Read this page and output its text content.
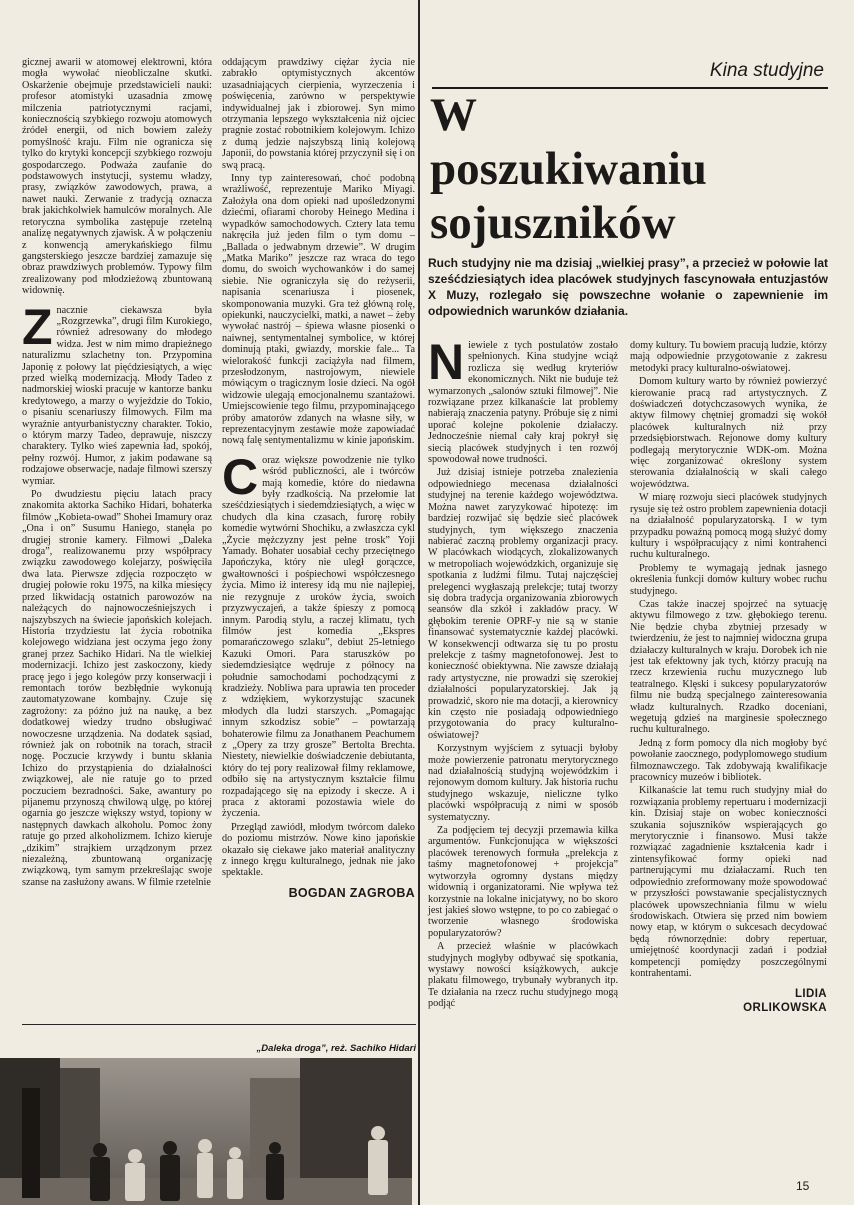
Kina studyjne
W
poszukiwaniu
sojuszników

Ruch studyjny nie ma dzisiaj „wielkiej prasy”, a przecież w połowie lat sześćdziesiątych idea placówek studyjnych fascynowała entuzjastów X Muzy, rozlegało się powszechne wołanie o zapewnienie im odpowiednich warunków działania.

gicznej awarii w atomowej elektrowni, która mogła wywołać nieobliczalne skutki. Oskarżenie obejmuje przedstawicieli nauki: profesor atomistyki uzasadnia zmowę milczenia patriotycznymi racjami, koniecznością szybkiego rozwoju atomowych źródeł energii, od nich bowiem zależy pomyślność kraju. Film nie ogranicza się tylko do krytyki koncepcji szybkiego rozwoju gospodarczego. Podważa zaufanie do podstawowych instytucji, systemu władzy, prasy, związków zawodowych, prawa, a nawet nauki. Zerwanie z tradycją oznacza brak jakichkolwiek hamulców moralnych. Ale retoryczna symbolika zastępuje rzetelną analizę negatywnych zjawisk. A w połączeniu z konwencją amerykańskiego filmu gangsterskiego jeszcze bardziej zamazuje się obraz prawdziwych problemów. Typowy film zrealizowany pod młodzieżową zbuntowaną widownię.

Znacznie ciekawsza była „Rozgrzewka”, drugi film Kurokiego, również adresowany do młodego widza. Jest w nim mimo drapieżnego naturalizmu szlachetny ton. Przypomina Japonię z połowy lat pięćdziesiątych, a więc przed wielką modernizacją. Młody Tadeo z nadmorskiej wioski pracuje w kantorze banku kredytowego, a marzy o wyjeździe do Tokio, o pisaniu scenariuszy filmowych. Film ma wyraźnie antyurbanistyczny charakter. Tokio, o którym marzy Tadeo, deprawuje, niszczy charaktery. Tylko wieś zapewnia ład, spokój, pełny rozwój. Humor, z jakim podawane są rodzajowe obserwacje, nadaje filmowi szerszy wymiar.

Po dwudziestu pięciu latach pracy znakomita aktorka Sachiko Hidari, bohaterka filmów „Kobieta-owad” Shohei Imamury oraz „Ona i on” Susumu Haniego, stanęła po drugiej stronie kamery. Filmowi „Daleka droga”, realizowanemu przy współpracy związku zawodowego kolejarzy, poświęciła dwa lata. Pierwsze zdjęcia rozpoczęto w drugiej połowie roku 1975, na kilka miesięcy przed likwidacją ostatnich parowozów na należących do najnowocześniejszych i najszybszych na świecie japońskich kolejach. Historia trzydziestu lat życia robotnika kolejowego widziana jest oczyma jego żony granej przez Sachiko Hidari. Na tle wielkiej modernizacji. Ichizo jest zaskoczony, kiedy pracę jego i jego kolegów przy konserwacji i remontach torów bezbłędnie wykonują zautomatyzowane kombajny. Czuje się zagrożony: za późno już na naukę, a bez dodatkowej wiedzy trudno obsługiwać nowoczesne urządzenia. Na dodatek sąsiad, również jak on robotnik na torach, stracił nogę. Poczucie krzywdy i buntu skłania Ichizo do przystąpienia do działalności związkowej, ale nie ratuje go to przed poczuciem bezradności. Sake, awantury po pijanemu przynoszą chwilową ulgę, po której ogarnia go jeszcze większy wstyd, topiony w następnych dawkach alkoholu. Pomoc żony ratuje go przed alkoholizmem. Ichizo kieruje „dzikim” strajkiem urządzonym przez niezależną, zbuntowaną organizację związkową, tym samym przekreślając swoje szanse na zasłużony awans. W filmie rzetelnie

oddającym prawdziwy ciężar życia nie zabrakło optymistycznych akcentów uzasadniających cierpienia, wyrzeczenia i poświęcenia, zarówno w perspektywie indywidualnej jak i zbiorowej. Syn mimo otrzymania lepszego wykształcenia niż ojciec pragnie zostać robotnikiem kolejowym. Ichizo z dumą jedzie najszybszą linią kolejową Japonii, do powstania której przyczynił się i on swą pracą.

Inny typ zainteresowań, choć podobną wrażliwość, reprezentuje Mariko Miyagi. Założyła ona dom opieki nad upośledzonymi dziećmi, ofiarami choroby Heinego Medina i wypadków samochodowych. Cztery lata temu nakręciła już jeden film o tym domu – „Ballada o jedwabnym drzewie”. W drugim „Matka Mariko” jeszcze raz wraca do tego domu, do swoich wychowanków i do samej siebie. Nie ograniczyła się do reżyserii, napisania scenariusza i piosenek, skomponowania muzyki. Gra też główną rolę, opiekunki, nauczycielki, matki, a nawet – żeby wywołać nastrój – śpiewa własne piosenki o naiwnej, sentymentalnej symbolice, w której dominują ptaki, gwiazdy, morskie fale... Ta wielorakość funkcji zaciążyła nad filmem, przesłodzonym, nastrojowym, niewiele mówiącym o tragicznym losie dzieci. Na ogół widzowie ulegają emocjonalnemu szantażowi. Umiejscowienie tego filmu, przypominającego próby amatorów zdanych na własne siły, w reprezentacyjnym zestawie może zapowiadać nową falę sentymentalizmu w kinie japońskim.

Coraz większe powodzenie nie tylko wśród publiczności, ale i twórców mają komedie, które do niedawna były rzadkością. Na przełomie lat sześćdziesiątych i siedemdziesiątych, a więc w chudych dla kina czasach, furorę robiły komedie wytwórni Shochiku, a zwłaszcza cykl „Życie mężczyzny jest pełne trosk” Yoji Yamady. Bohater uosabiał cechy przeciętnego Japończyka, który nie uległ gorączce, gwałtowności i pośpiechowi współczesnego życia. Mimo iż interesy idą mu nie najlepiej, nie rezygnuje z uroków życia, swoich przyzwyczajeń, a także śpieszy z pomocą innym. Parodią stylu, a raczej klimatu, tych filmów jest komedia „Ekspres pomarańczowego szlaku”, debiut 25-letniego Kazuki Omori. Para staruszków po siedemdziesiątce wędruje z północy na południe samochodami pochodzącymi z kradzieży. Nobliwa para uprawia ten proceder z wdziękiem, wykorzystując szacunek młodych dla ludzi starszych. „Pomagając innym szkodzisz sobie” – powtarzają bohaterowie filmu za Jonathanem Peachumem z „Opery za trzy grosze” Bertolta Brechta. Niestety, niewielkie doświadczenie debiutanta, który do tej pory realizował filmy reklamowe, odbiło się na artystycznym kształcie filmu rozpadającego się na epizody i skecze. A i praca z aktorami pozostawia wiele do życzenia.

Przegląd zawiódł, młodym twórcom daleko do poziomu mistrzów. Nowe kino japońskie okazało się ciekawe jako materiał analityczny z innego kręgu kulturalnego, jednak nie jako spektakle.

BOGDAN ZAGROBA

„Daleka droga”, reż. Sachiko Hidari

Niewiele z tych postulatów zostało spełnionych. Kina studyjne wciąż rozlicza się według kryteriów ekonomicznych. Nikt nie buduje też wymarzonych „salonów sztuki filmowej”. Nie rozwiązane przez kilkanaście lat problemy nabierają znaczenia patyny. Próbuje się z nimi uporać kolejne pokolenie działaczy. Jednocześnie niemal cały kraj pokrył się siecią placówek studyjnych i ten rozwój spowodował nowe trudności.

Już dzisiaj istnieje potrzeba znalezienia odpowiedniego mecenasa działalności studyjnej na terenie każdego województwa. Można nawet zaryzykować hipotezę: im bardziej rozwijać się będzie sieć placówek studyjnych, tym większego znaczenia nabierać zaczną problemy organizacji pracy. W placówkach wiodących, zlokalizowanych w metropoliach wojewódzkich, organizuje się spotkania z ludźmi filmu. Tutaj najczęściej prelegenci wygłaszają prelekcje; tutaj tworzy się dobra tradycja organizowania zbiorowych seansów dla szkół i zakładów pracy. W głębokim terenie OPRF-y nie są w stanie finansować systematycznie każdej placówki. W konsekwencji odtwarza się tu po prostu prelekcje z taśmy magnetofonowej. Jest to konieczność obiektywna. Nie zawsze działają rady artystyczne, nie prowadzi się szerokiej działalności popularyzatorskiej. Jak ją prowadzić, skoro nie ma dotacji, a kierownicy kin często nie posiadają odpowiedniego przygotowania do pracy kulturalno-oświatowej?

Korzystnym wyjściem z sytuacji byłoby może powierzenie patronatu merytorycznego nad działalnością studyjną wojewódzkim i rejonowym domom kultury. Jak historia ruchu studyjnego wskazuje, nieliczne tylko placówki współpracują z nimi w sposób systematyczny.

Za podjęciem tej decyzji przemawia kilka argumentów. Funkcjonująca w większości placówek terenowych formuła „prelekcja z taśmy magnetofonowej + projekcja” wytworzyła ogromny dystans między widownią i organizatorami. Nie wpływa też korzystnie na lokalne inicjatywy, no bo skoro jest jakieś słowo wstępne, to po co zabiegać o tworzenie własnego środowiska popularyzatorów?

A przecież właśnie w placówkach studyjnych mogłyby odbywać się spotkania, wystawy nowości książkowych, aukcje plakatu filmowego, trybunały wybranych itp. Te działania na rzecz ruchu studyjnego mogą podjąć

domy kultury. Tu bowiem pracują ludzie, którzy mają odpowiednie przygotowanie z zakresu metodyki pracy kulturalno-oświatowej.

Domom kultury warto by również powierzyć kierowanie pracą rad artystycznych. Z doświadczeń dotychczasowych wynika, że aktyw filmowy chętniej gromadzi się wokół placówek kulturalnych niż przy przedsiębiorstwach. Rejonowe domy kultury podlegają merytorycznie WDK-om. Można więc zorganizować określony system sterowania działalnością w skali całego województwa.

W miarę rozwoju sieci placówek studyjnych rysuje się też ostro problem zapewnienia dotacji na działalność popularyzatorską. I w tym przypadku powaźną pomocą mogą służyć domy kultury i współpracujący z nimi kontrahenci ruchu kulturalnego.

Problemy te wymagają jednak jasnego określenia funkcji domów kultury wobec ruchu studyjnego.

Czas także inaczej spojrzeć na sytuację aktywu filmowego z tzw. głębokiego terenu. Nie będzie chyba zbytniej przesady w twierdzeniu, że jest to najmniej widoczna grupa działaczy kulturalnych w kraju. Dorobek ich nie jest tak efektowny jak tych, którzy pracują na rzecz krzewienia ruchu muzycznego lub teatralnego. Klęski i sukcesy popularyzatorów filmu nie budzą specjalnego zainteresowania władz kulturalnych. Rzadko doceniani, wegetują gdzieś na marginesie społecznego ruchu kulturalnego.

Jedną z form pomocy dla nich mogłoby być powołanie zaocznego, podyplomowego studium filmoznawczego. Tak zdobywają kwalifikacje pracownicy muzeów i bibliotek.

Kilkanaście lat temu ruch studyjny miał do rozwiązania problemy repertuaru i modernizacji kin. Dzisiaj staje on wobec konieczności szukania sojuszników wspierających go merytorycznie i finansowo. Musi także rozwiązać zagadnienie kształcenia kadr i zintensyfikować formy opieki nad partnerującymi mu działaczami. Ruch ten odpowiednio zreformowany może spowodować w przyszłości powstawanie specjalistycznych placówek upowszechniania filmu w wielu środowiskach. Otwiera się przed nim bowiem nowy etap, w którym o sukcesach decydować będą równorzędnie: dobry repertuar, umiejętność koordynacji zadań i podział kompetencji pomiędzy poszczególnymi kontrahentami.

LIDIA
ORLIKOWSKA

15
